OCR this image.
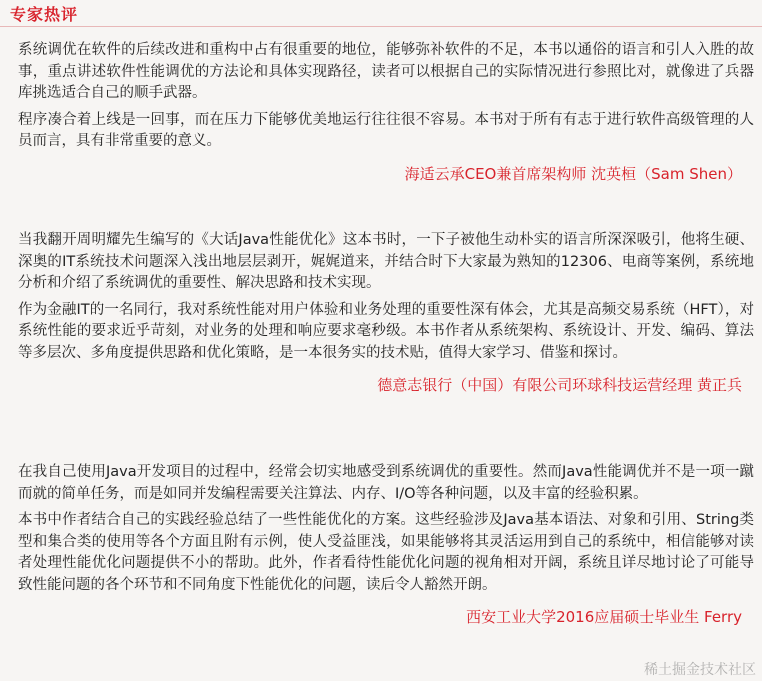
专家热评

系统调优在软件的后续改进和重构中占有很重要的地位，能够弥补软件的不足，本书以通俗的语言和引人入胜的故事，重点讲述软件性能调优的方法论和具体实现路径，读者可以根据自己的实际情况进行参照比对，就像进了兵器库挑选适合自己的顺手武器。

程序凑合着上线是一回事，而在压力下能够优美地运行往往很不容易。本书对于所有有志于进行软件高级管理的人员而言，具有非常重要的意义。

海适云承CEO兼首席架构师 沈英桓（Sam Shen）

当我翻开周明耀先生编写的《大话Java性能优化》这本书时，一下子被他生动朴实的语言所深深吸引，他将生硬、深奥的IT系统技术问题深入浅出地层层剥开，娓娓道来，并结合时下大家最为熟知的12306、电商等案例，系统地分析和介绍了系统调优的重要性、解决思路和技术实现。

作为金融IT的一名同行，我对系统性能对用户体验和业务处理的重要性深有体会，尤其是高频交易系统（HFT），对系统性能的要求近乎苛刻，对业务的处理和响应要求毫秒级。本书作者从系统架构、系统设计、开发、编码、算法等多层次、多角度提供思路和优化策略，是一本很务实的技术贴，值得大家学习、借鉴和探讨。

德意志银行（中国）有限公司环球科技运营经理 黄正兵

在我自己使用Java开发项目的过程中，经常会切实地感受到系统调优的重要性。然而Java性能调优并不是一项一蹴而就的简单任务，而是如同并发编程需要关注算法、内存、I/O等各种问题，以及丰富的经验积累。

本书中作者结合自己的实践经验总结了一些性能优化的方案。这些经验涉及Java基本语法、对象和引用、String类型和集合类的使用等各个方面且附有示例，使人受益匪浅，如果能够将其灵活运用到自己的系统中，相信能够对读者处理性能优化问题提供不小的帮助。此外，作者看待性能优化问题的视角相对开阔，系统且详尽地讨论了可能导致性能问题的各个环节和不同角度下性能优化的问题，读后令人豁然开朗。

西安工业大学2016应届硕士毕业生 Ferry
稀土掘金技术社区
